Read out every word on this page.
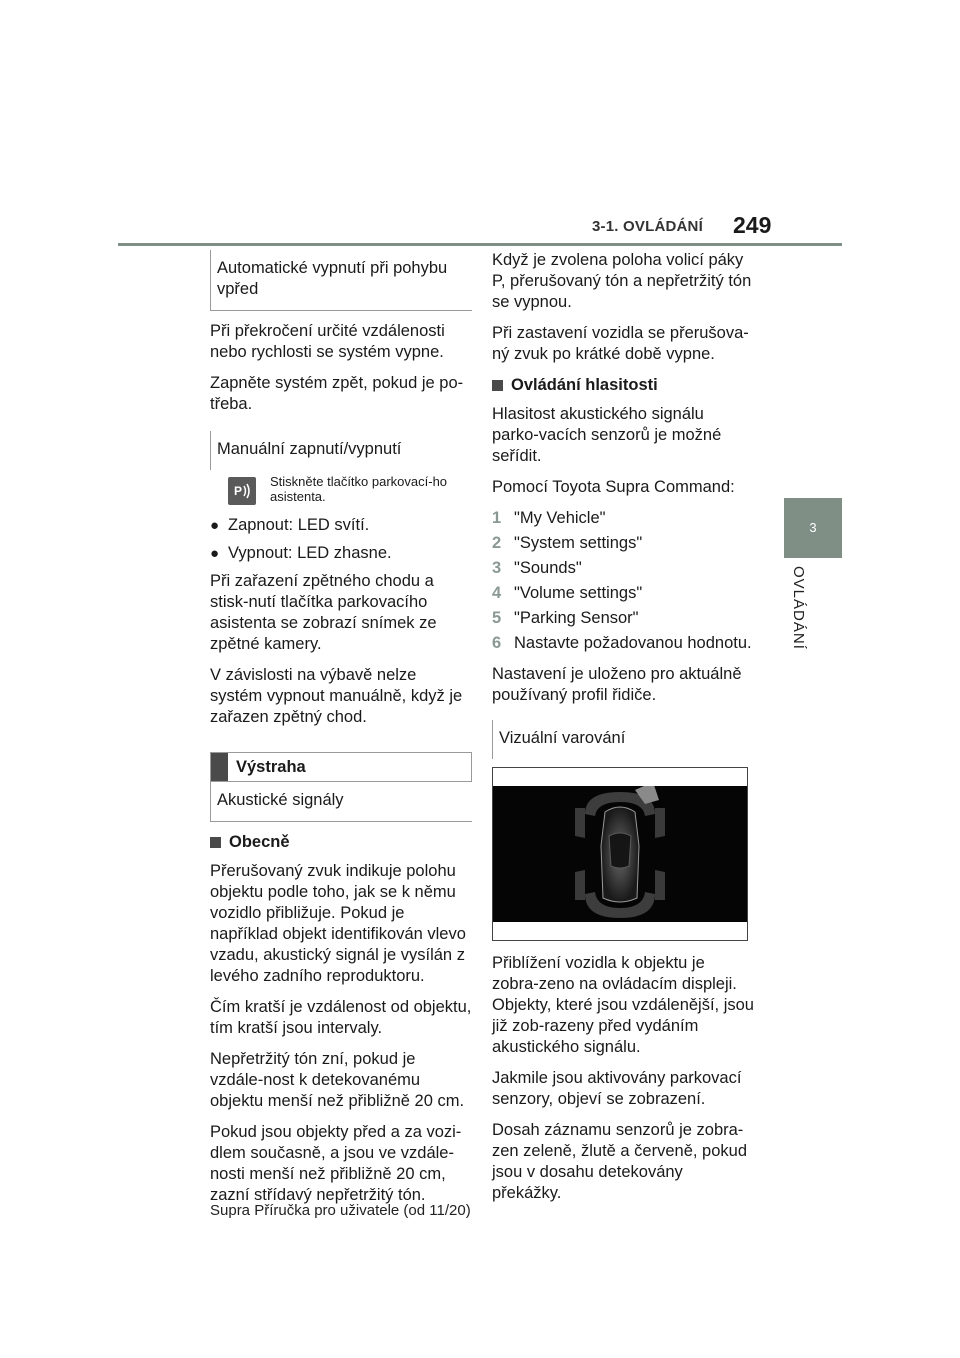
3-1. OVLÁDÁNÍ 249
3
OVLÁDÁNÍ
Automatické vypnutí při pohybu vpřed

Při překročení určité vzdálenosti nebo rychlosti se systém vypne.

Zapněte systém zpět, pokud je po-třeba.

Manuální zapnutí/vypnutí
P
Stiskněte tlačítko parkovací-ho asistenta.
● Zapnout: LED svítí.
● Vypnout: LED zhasne.

Při zařazení zpětného chodu a stisk-nutí tlačítka parkovacího asistenta se zobrazí snímek ze zpětné kamery.

V závislosti na výbavě nelze systém vypnout manuálně, když je zařazen zpětný chod.

Výstraha
Akustické signály
Obecně

Přerušovaný zvuk indikuje polohu objektu podle toho, jak se k němu vozidlo přibližuje. Pokud je například objekt identifikován vlevo vzadu, akustický signál je vysílán z levého zadního reproduktoru.

Čím kratší je vzdálenost od objektu, tím kratší jsou intervaly.

Nepřetržitý tón zní, pokud je vzdále-nost k detekovanému objektu menší než přibližně 20 cm.

Pokud jsou objekty před a za vozi-dlem současně, a jsou ve vzdále-nosti menší než přibližně 20 cm, zazní střídavý nepřetržitý tón.

Když je zvolena poloha volicí páky P, přerušovaný tón a nepřetržitý tón se vypnou.

Při zastavení vozidla se přerušova-ný zvuk po krátké době vypne.

Ovládání hlasitosti

Hlasitost akustického signálu parko-vacích senzorů je možné seřídit.

Pomocí Toyota Supra Command:

1 "My Vehicle"
2 "System settings"
3 "Sounds"
4 "Volume settings"
5 "Parking Sensor"
6 Nastavte požadovanou hodnotu.

Nastavení je uloženo pro aktuálně používaný profil řidiče.

Vizuální varování

Přiblížení vozidla k objektu je zobra-zeno na ovládacím displeji. Objekty, které jsou vzdálenější, jsou již zob-razeny před vydáním akustického signálu.

Jakmile jsou aktivovány parkovací senzory, objeví se zobrazení.

Dosah záznamu senzorů je zobra-zen zeleně, žlutě a červeně, pokud jsou v dosahu detekovány překážky.

Supra Příručka pro uživatele (od 11/20)
